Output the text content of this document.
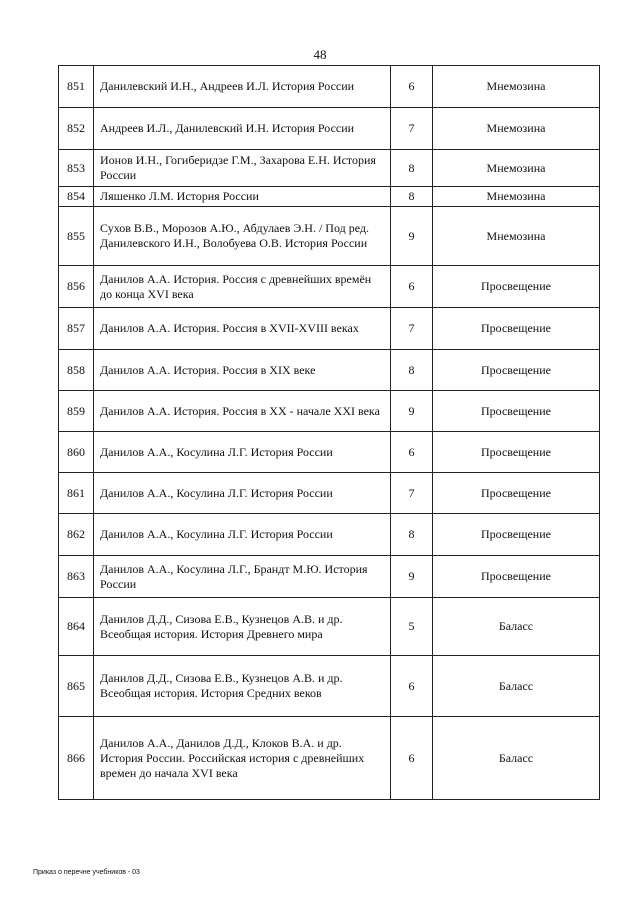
48
851	Данилевский И.Н., Андреев И.Л. История России	6	Мнемозина
852	Андреев И.Л., Данилевский И.Н. История России	7	Мнемозина
853	Ионов И.Н., Гогиберидзе Г.М., Захарова Е.Н. История России	8	Мнемозина
854	Ляшенко Л.М. История России	8	Мнемозина
855	Сухов В.В., Морозов А.Ю., Абдулаев Э.Н. / Под ред. Данилевского И.Н., Волобуева О.В. История России	9	Мнемозина
856	Данилов А.А. История. Россия с древнейших времён до конца XVI века	6	Просвещение
857	Данилов А.А. История. Россия в XVII-XVIII веках	7	Просвещение
858	Данилов А.А. История. Россия в XIX веке	8	Просвещение
859	Данилов А.А. История. Россия в XX - начале XXI века	9	Просвещение
860	Данилов А.А., Косулина Л.Г. История России	6	Просвещение
861	Данилов А.А., Косулина Л.Г. История России	7	Просвещение
862	Данилов А.А., Косулина Л.Г. История России	8	Просвещение
863	Данилов А.А., Косулина Л.Г., Брандт М.Ю. История России	9	Просвещение
864	Данилов Д.Д., Сизова Е.В., Кузнецов А.В. и др. Всеобщая история. История Древнего мира	5	Баласс
865	Данилов Д.Д., Сизова Е.В., Кузнецов А.В. и др. Всеобщая история. История Средних веков	6	Баласс
866	Данилов А.А., Данилов Д.Д., Клоков В.А. и др. История России. Российская история с древнейших времен до начала XVI века	6	Баласс
Приказ о перечне учебников - 03
